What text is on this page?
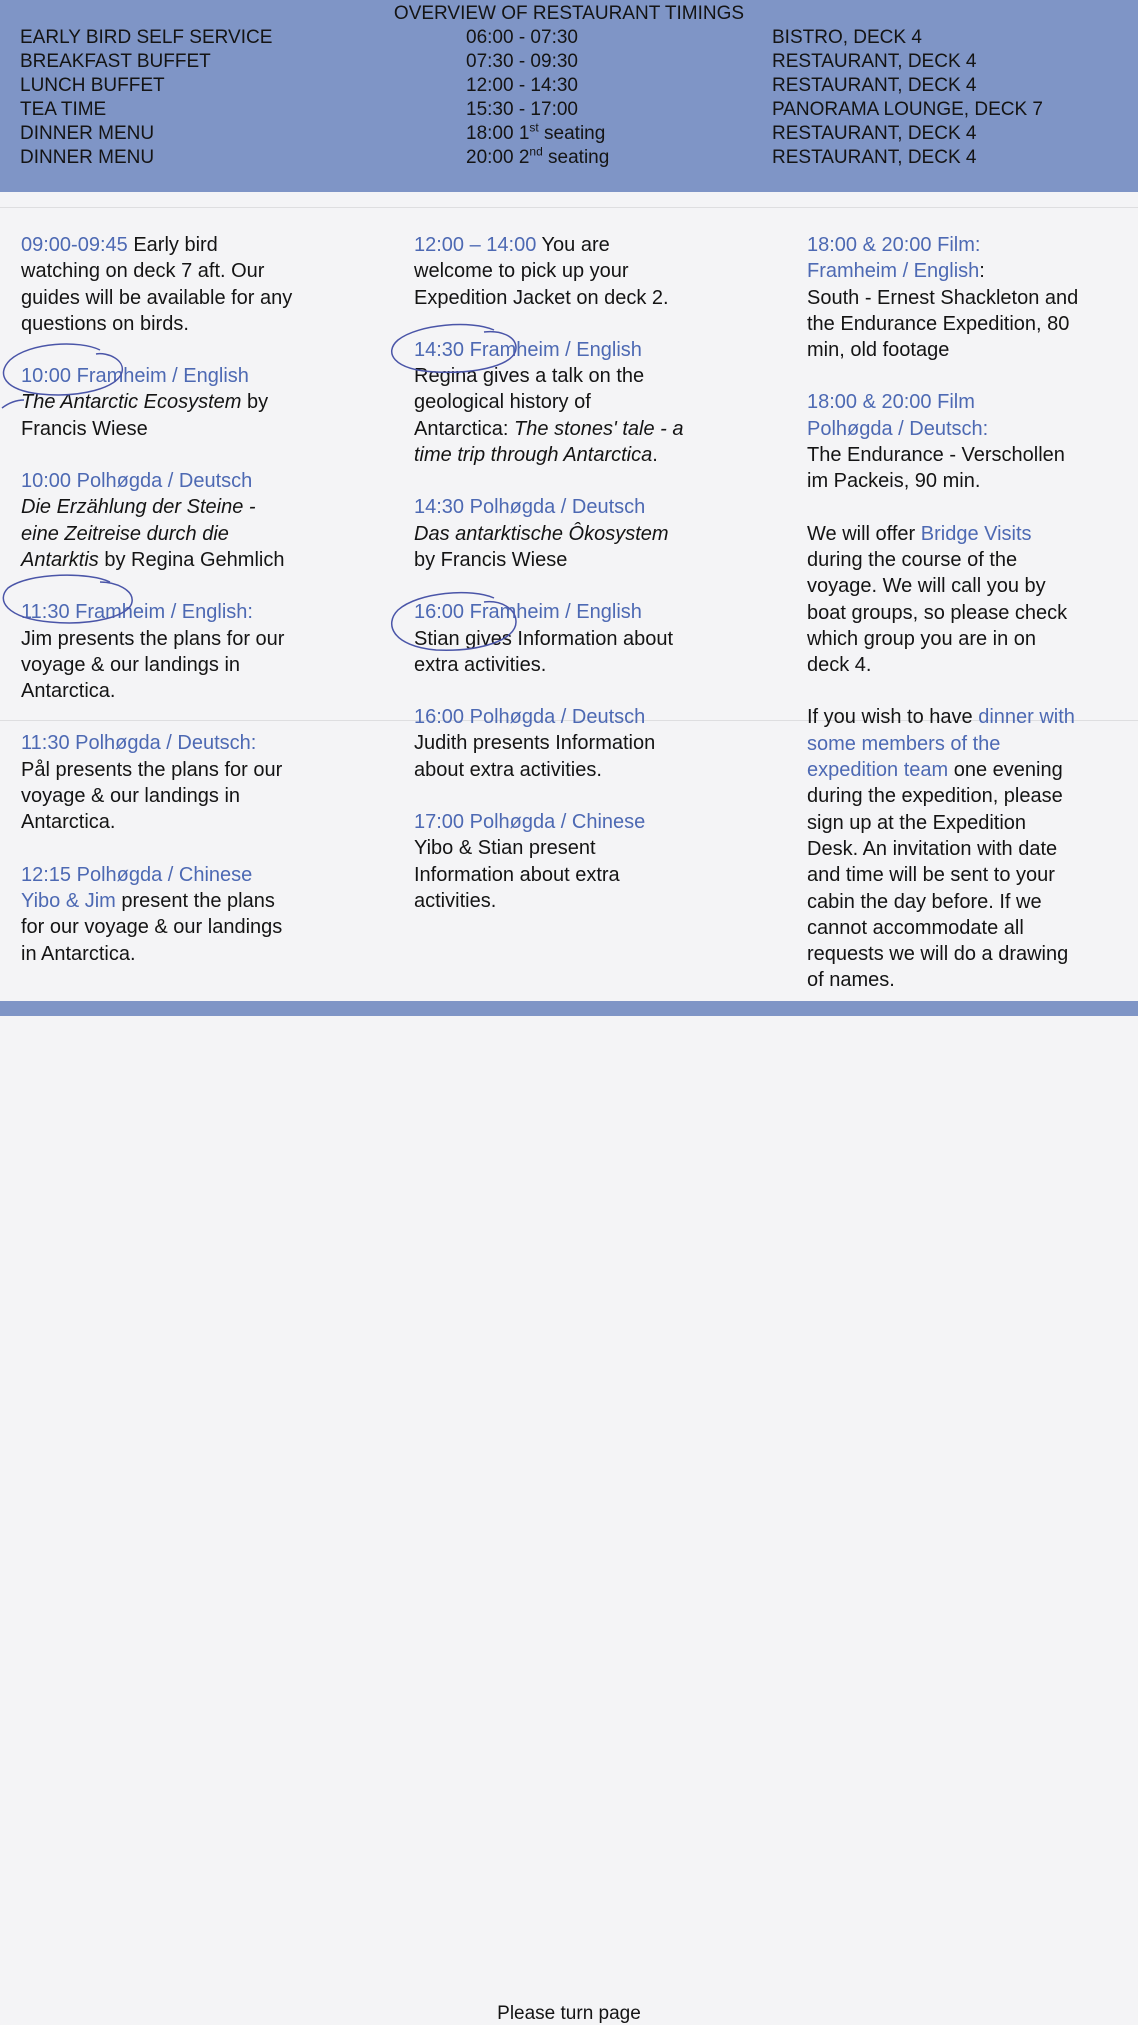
OVERVIEW OF RESTAURANT TIMINGS
EARLY BIRD SELF SERVICE
BREAKFAST BUFFET
LUNCH BUFFET
TEA TIME
DINNER MENU
DINNER MENU
06:00 - 07:30
07:30 - 09:30
12:00 - 14:30
15:30 - 17:00
18:00 1st seating
20:00 2nd seating
BISTRO, DECK 4
RESTAURANT, DECK 4
RESTAURANT, DECK 4
PANORAMA LOUNGE, DECK 7
RESTAURANT, DECK 4
RESTAURANT, DECK 4
09:00-09:45 Early bird
watching on deck 7 aft. Our
guides will be available for any
questions on birds.
10:00 Framheim / English
The Antarctic Ecosystem by
Francis Wiese
10:00 Polhøgda / Deutsch
Die Erzählung der Steine -
eine Zeitreise durch die
Antarktis by Regina Gehmlich
11:30 Framheim / English:
Jim presents the plans for our
voyage & our landings in
Antarctica.
11:30 Polhøgda / Deutsch:
Pål presents the plans for our
voyage & our landings in
Antarctica.
12:15 Polhøgda / Chinese
Yibo & Jim present the plans
for our voyage & our landings
in Antarctica.
12:00 – 14:00 You are
welcome to pick up your
Expedition Jacket on deck 2.
14:30 Framheim / English
Regina gives a talk on the
geological history of
Antarctica: The stones' tale - a
time trip through Antarctica.
14:30 Polhøgda / Deutsch
Das antarktische Ôkosystem
by Francis Wiese
16:00 Framheim / English
Stian gives Information about
extra activities.
16:00 Polhøgda / Deutsch
Judith presents Information
about extra activities.
17:00 Polhøgda / Chinese
Yibo & Stian present
Information about extra
activities.
18:00 & 20:00 Film:
Framheim / English:
South - Ernest Shackleton and
the Endurance Expedition, 80
min, old footage
18:00 & 20:00 Film
Polhøgda / Deutsch:
The Endurance - Verschollen
im Packeis, 90 min.
We will offer Bridge Visits
during the course of the
voyage. We will call you by
boat groups, so please check
which group you are in on
deck 4.
If you wish to have dinner with
some members of the
expedition team one evening
during the expedition, please
sign up at the Expedition
Desk. An invitation with date
and time will be sent to your
cabin the day before. If we
cannot accommodate all
requests we will do a drawing
of names.
Please turn page
